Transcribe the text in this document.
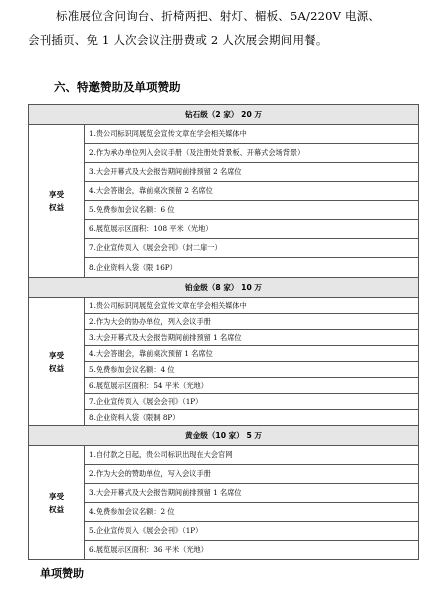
标准展位含问询台、折椅两把、射灯、楣板、5A/220V 电源、

会刊插页、免 1 人次会议注册费或 2 人次展会期间用餐。

六、特邀赞助及单项赞助
钻石级（2 家） 20 万	

享受
权益	1.贵公司标识同展览会宣传文章在学会相关媒体中
	2.作为承办单位列入会议手册（及注册处背景板、开幕式会场背景）
	3.大会开幕式及大会报告期间前排预留 2 名席位
	4.大会答谢会，靠前桌次预留 2 名席位
	5.免费参加会议名额：6 位
	6.展览展示区面积：108 平米（光地）
	7.企业宣传页入《展会会刊》（封二扉一）
	8.企业资料入袋（限 16P）
铂金级（8 家） 10 万	

享受
权益	1.贵公司标识同展览会宣传文章在学会相关媒体中
	2.作为大会的协办单位，列入会议手册
	3.大会开幕式及大会报告期间前排预留 1 名席位
	4.大会答谢会，靠前桌次预留 1 名席位
	5.免费参加会议名额：4 位
	6.展览展示区面积：54 平米（光地）
	7.企业宣传页入《展会会刊》（1P）
	8.企业资料入袋（限制 8P）
黄金级（10 家） 5 万	

享受
权益	1.自付款之日起，贵公司标识出现在大会官网
	2.作为大会的赞助单位，写入会议手册
	3.大会开幕式及大会报告期间前排预留 1 名席位
	4.免费参加会议名额：2 位
	5.企业宣传页入《展会会刊》（1P）
	6.展览展示区面积：36 平米（光地）
单项赞助
